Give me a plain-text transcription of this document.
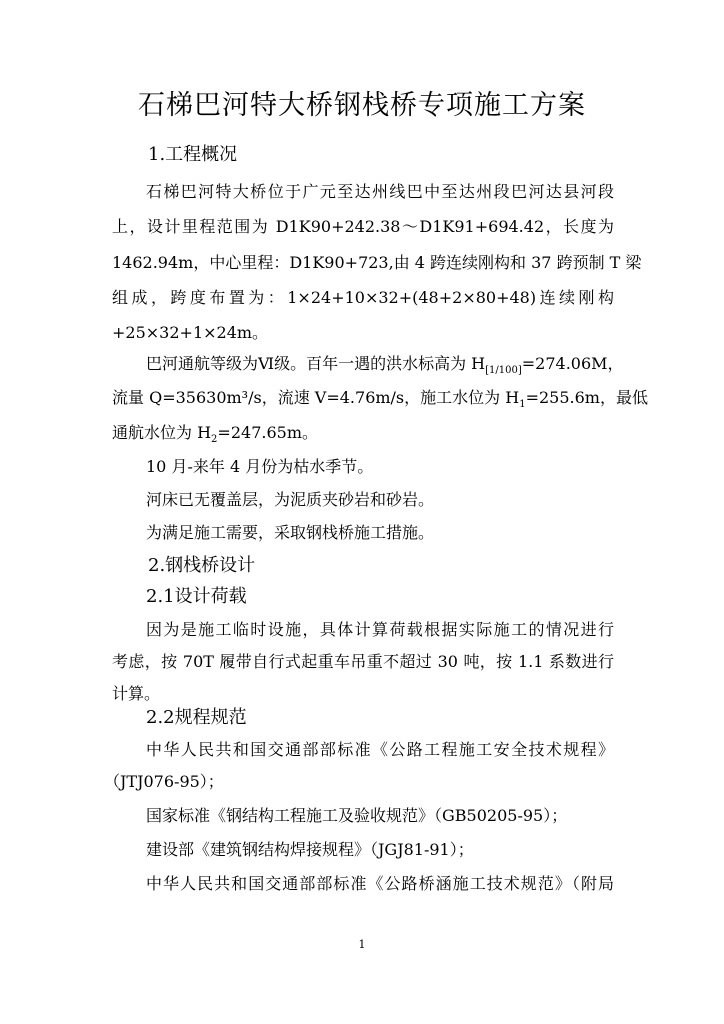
石梯巴河特大桥钢栈桥专项施工方案
1.工程概况
石梯巴河特大桥位于广元至达州线巴中至达州段巴河达县河段
上，设计里程范围为 D1K90+242.38～D1K91+694.42，长度为
1462.94m，中心里程：D1K90+723,由 4 跨连续刚构和 37 跨预制 T 梁
组成，跨度布置为：1×24+10×32+(48+2×80+48)连续刚构
+25×32+1×24m。
巴河通航等级为Ⅵ级。百年一遇的洪水标高为 $H_{[1/100]}=274.06M$，
流量 Q=35630m³/s，流速 V=4.76m/s，施工水位为 $H_1=255.6m$，最低
通航水位为 $H_2=247.65m$。
10 月-来年 4 月份为枯水季节。
河床已无覆盖层，为泥质夹砂岩和砂岩。
为满足施工需要，采取钢栈桥施工措施。
2.钢栈桥设计
2.1设计荷载
因为是施工临时设施，具体计算荷载根据实际施工的情况进行
考虑，按 70T 履带自行式起重车吊重不超过 30 吨，按 1.1 系数进行
计算。
2.2规程规范
中华人民共和国交通部部标准《公路工程施工安全技术规程》
（JTJ076-95）；
国家标准《钢结构工程施工及验收规范》（GB50205-95）；
建设部《建筑钢结构焊接规程》（JGJ81-91）；
中华人民共和国交通部部标准《公路桥涵施工技术规范》（附局
1
